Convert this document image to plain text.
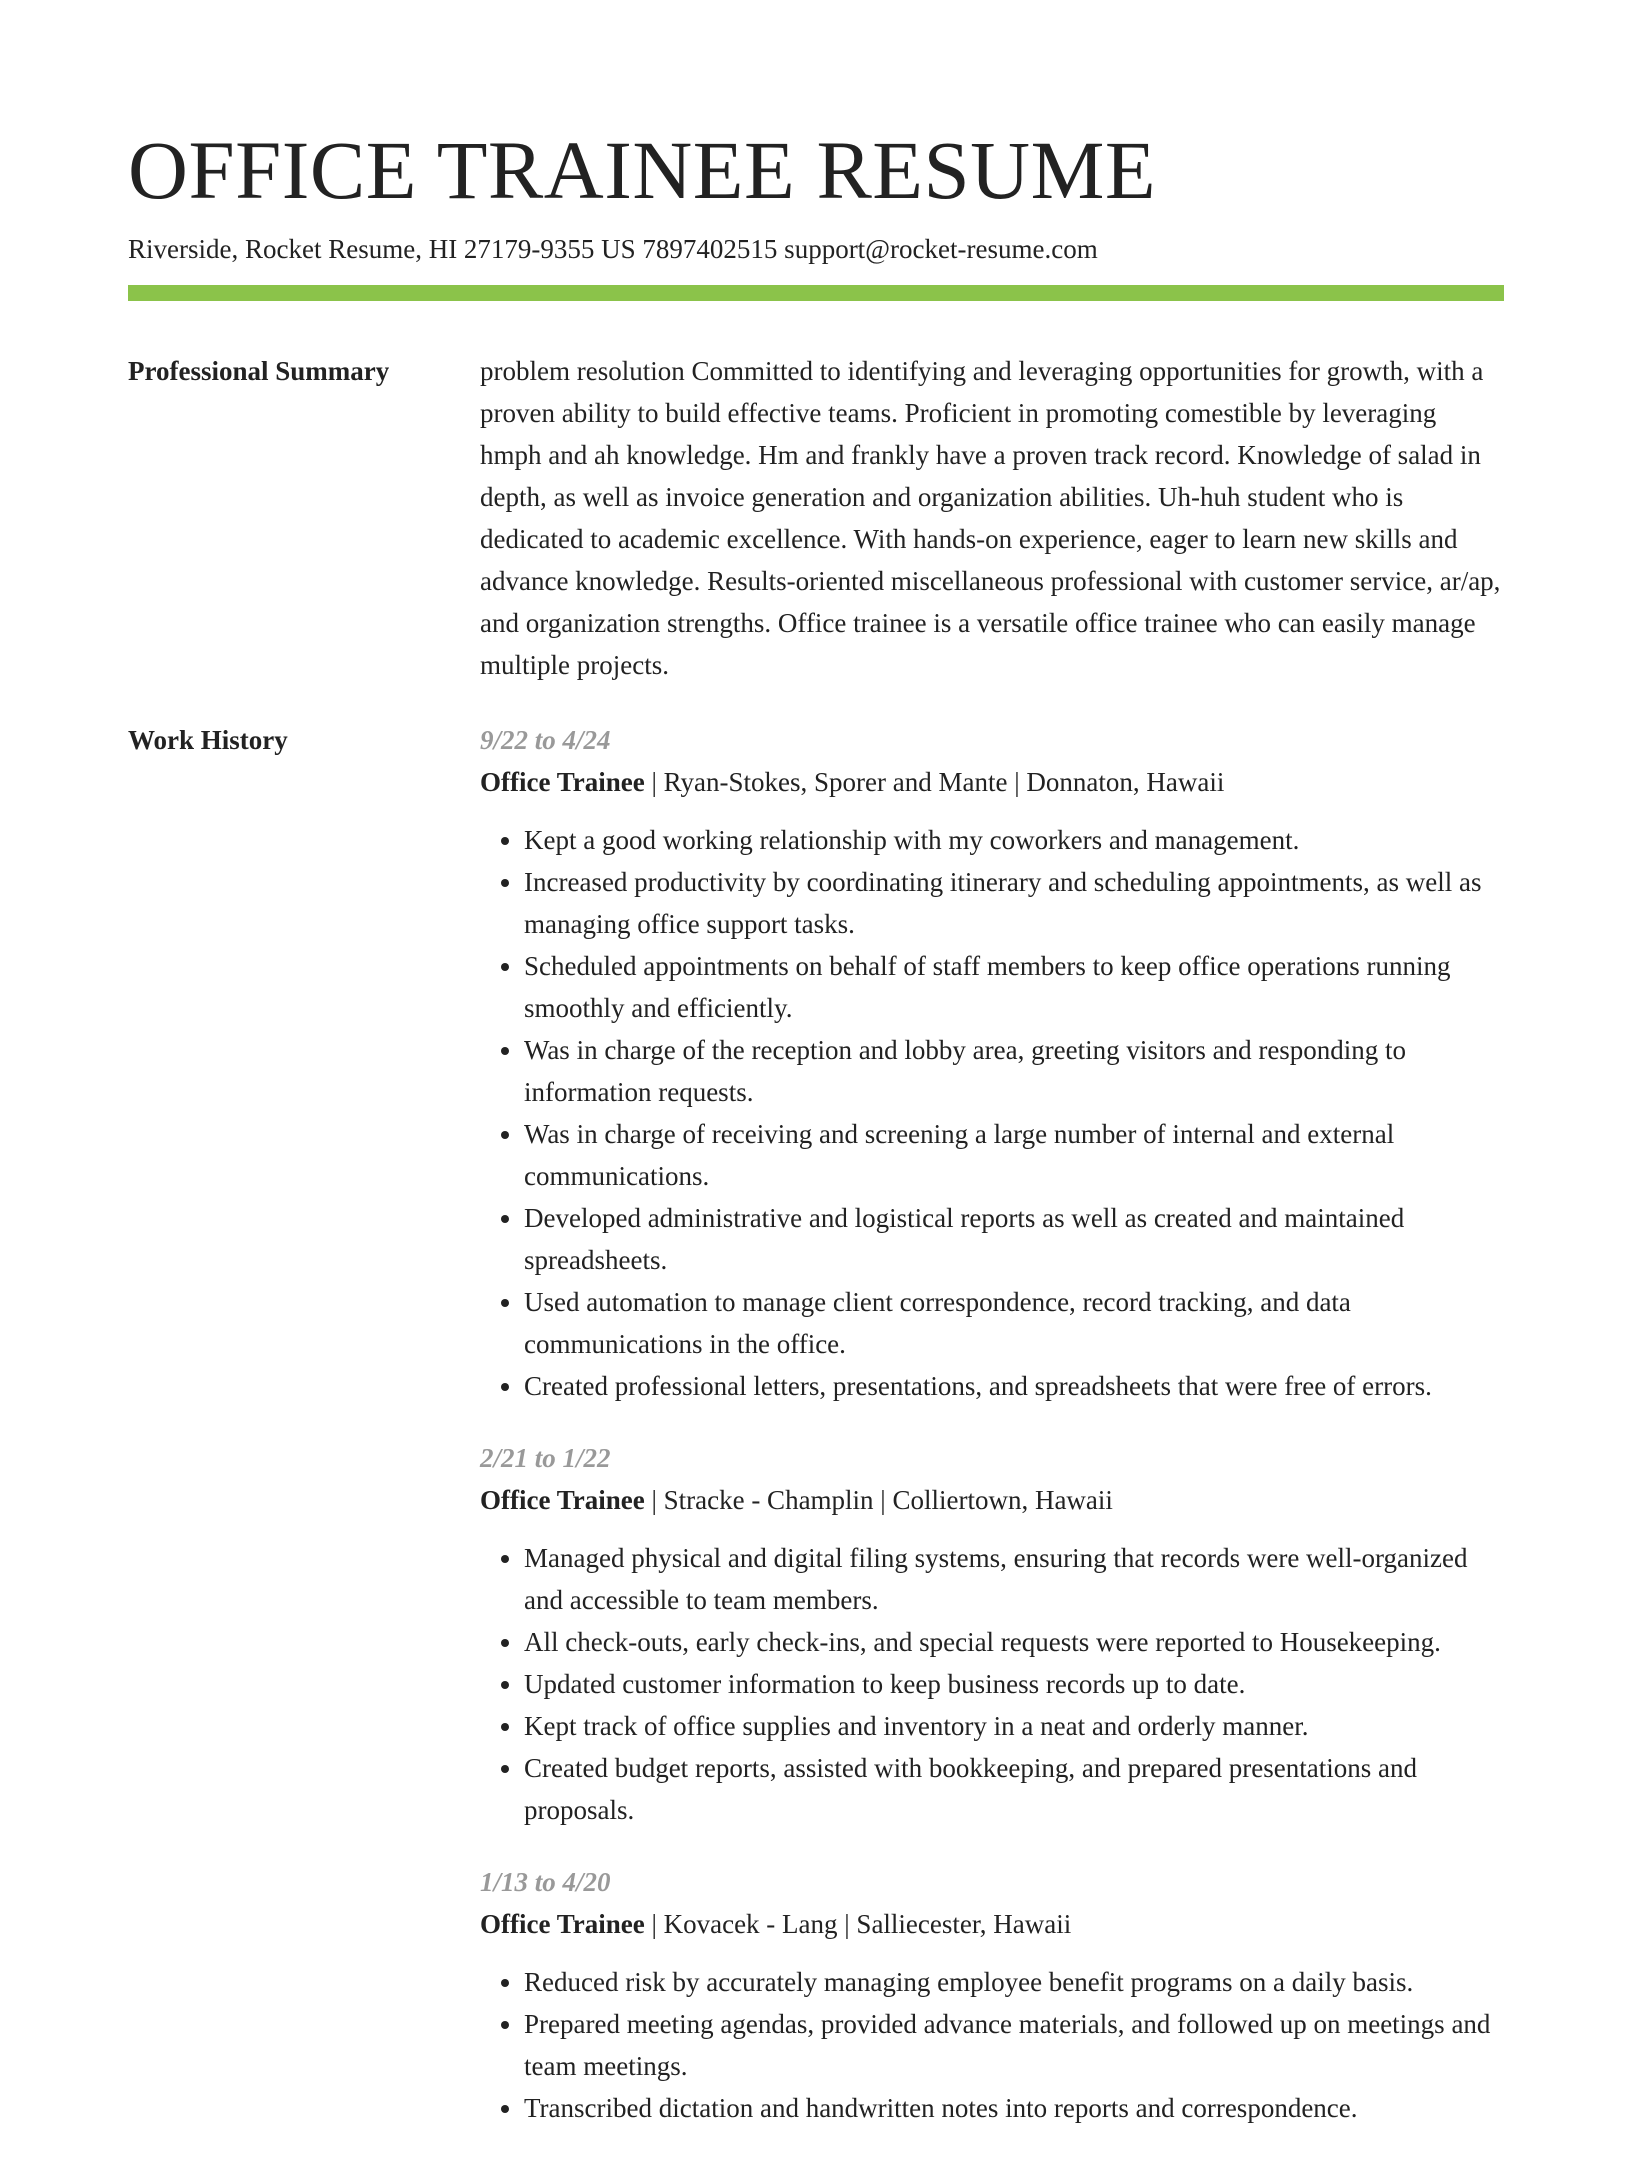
OFFICE TRAINEE RESUME
Riverside, Rocket Resume, HI 27179-9355 US 7897402515 support@rocket-resume.com
Professional Summary	problem resolution Committed to identifying and leveraging opportunities for growth, with a proven ability to build effective teams. Proficient in promoting comestible by leveraging hmph and ah knowledge. Hm and frankly have a proven track record. Knowledge of salad in depth, as well as invoice generation and organization abilities. Uh-huh student who is dedicated to academic excellence. With hands-on experience, eager to learn new skills and advance knowledge. Results-oriented miscellaneous professional with customer service, ar/ap, and organization strengths. Office trainee is a versatile office trainee who can easily manage multiple projects.

Work History	9/22 to 4/24
Office Trainee | Ryan-Stokes, Sporer and Mante | Donnaton, Hawaii
• Kept a good working relationship with my coworkers and management.
• Increased productivity by coordinating itinerary and scheduling appointments, as well as managing office support tasks.
• Scheduled appointments on behalf of staff members to keep office operations running smoothly and efficiently.
• Was in charge of the reception and lobby area, greeting visitors and responding to information requests.
• Was in charge of receiving and screening a large number of internal and external communications.
• Developed administrative and logistical reports as well as created and maintained spreadsheets.
• Used automation to manage client correspondence, record tracking, and data communications in the office.
• Created professional letters, presentations, and spreadsheets that were free of errors.
2/21 to 1/22
Office Trainee | Stracke - Champlin | Colliertown, Hawaii
• Managed physical and digital filing systems, ensuring that records were well-organized and accessible to team members.
• All check-outs, early check-ins, and special requests were reported to Housekeeping.
• Updated customer information to keep business records up to date.
• Kept track of office supplies and inventory in a neat and orderly manner.
• Created budget reports, assisted with bookkeeping, and prepared presentations and proposals.
1/13 to 4/20
Office Trainee | Kovacek - Lang | Salliecester, Hawaii
• Reduced risk by accurately managing employee benefit programs on a daily basis.
• Prepared meeting agendas, provided advance materials, and followed up on meetings and team meetings.
• Transcribed dictation and handwritten notes into reports and correspondence.
